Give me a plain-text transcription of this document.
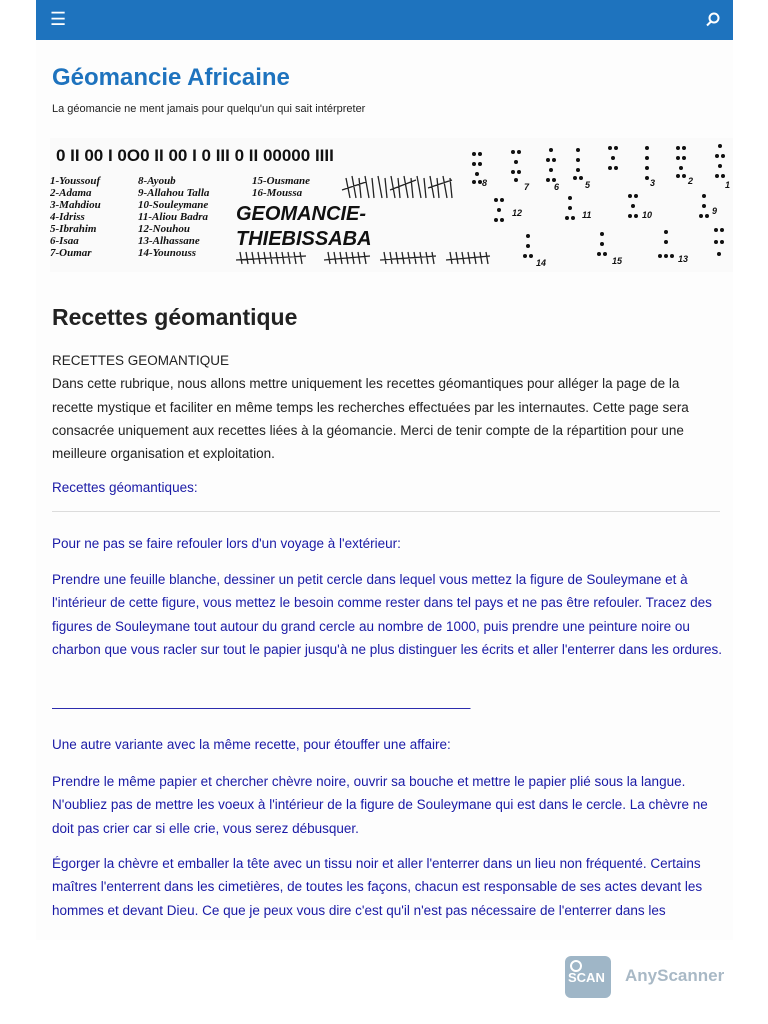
☰
Géomancie Africaine
La géomancie ne ment jamais pour quelqu'un qui sait intérpreter
0 II 00 I 0O0 II 00 I 0 III 0 II 00000 IIII
1-Youssouf
2-Adama
3-Mahdiou
4-Idriss
5-Ibrahim
6-Isaa
7-Oumar
8-Ayoub
9-Allahou Talla
10-Souleymane
11-Aliou Badra
12-Nouhou
13-Alhassane
14-Younouss
15-Ousmane
16-Moussa
GEOMANCIE-
THIEBISSABA
8	7	6	5	3	2	1
12	11	10	9
14	15	13
Recettes géomantique
RECETTES GEOMANTIQUE
Dans cette rubrique, nous allons mettre uniquement les recettes géomantiques pour alléger la page de la recette mystique et faciliter en même temps les recherches effectuées par les internautes. Cette page sera consacrée uniquement aux recettes liées à la géomancie. Merci de tenir compte de la répartition pour une meilleure organisation et exploitation.
Recettes géomantiques:
Pour ne pas se faire refouler lors d'un voyage à l'extérieur:
Prendre une feuille blanche, dessiner un petit cercle dans lequel vous mettez la figure de Souleymane et à l'intérieur de cette figure, vous mettez le besoin comme rester dans tel pays et ne pas être refouler. Tracez des figures de Souleymane tout autour du grand cercle au nombre de 1000, puis prendre une peinture noire ou charbon que vous racler sur tout le papier jusqu'à ne plus distinguer les écrits et aller l'enterrer dans les ordures.
———————————————————————————————
Une autre variante avec la même recette, pour étouffer une affaire:
Prendre le même papier et chercher chèvre noire, ouvrir sa bouche et mettre le papier plié sous la langue. N'oubliez pas de mettre les voeux à l'intérieur de la figure de Souleymane qui est dans le cercle. La chèvre ne doit pas crier car si elle crie, vous serez débusquer.
Égorger la chèvre et emballer la tête avec un tissu noir et aller l'enterrer dans un lieu non fréquenté. Certains maîtres l'enterrent dans les cimetières, de toutes les façons, chacun est responsable de ses actes devant les hommes et devant Dieu. Ce que je peux vous dire c'est qu'il n'est pas nécessaire de l'enterrer dans les
SCAN AnyScanner
